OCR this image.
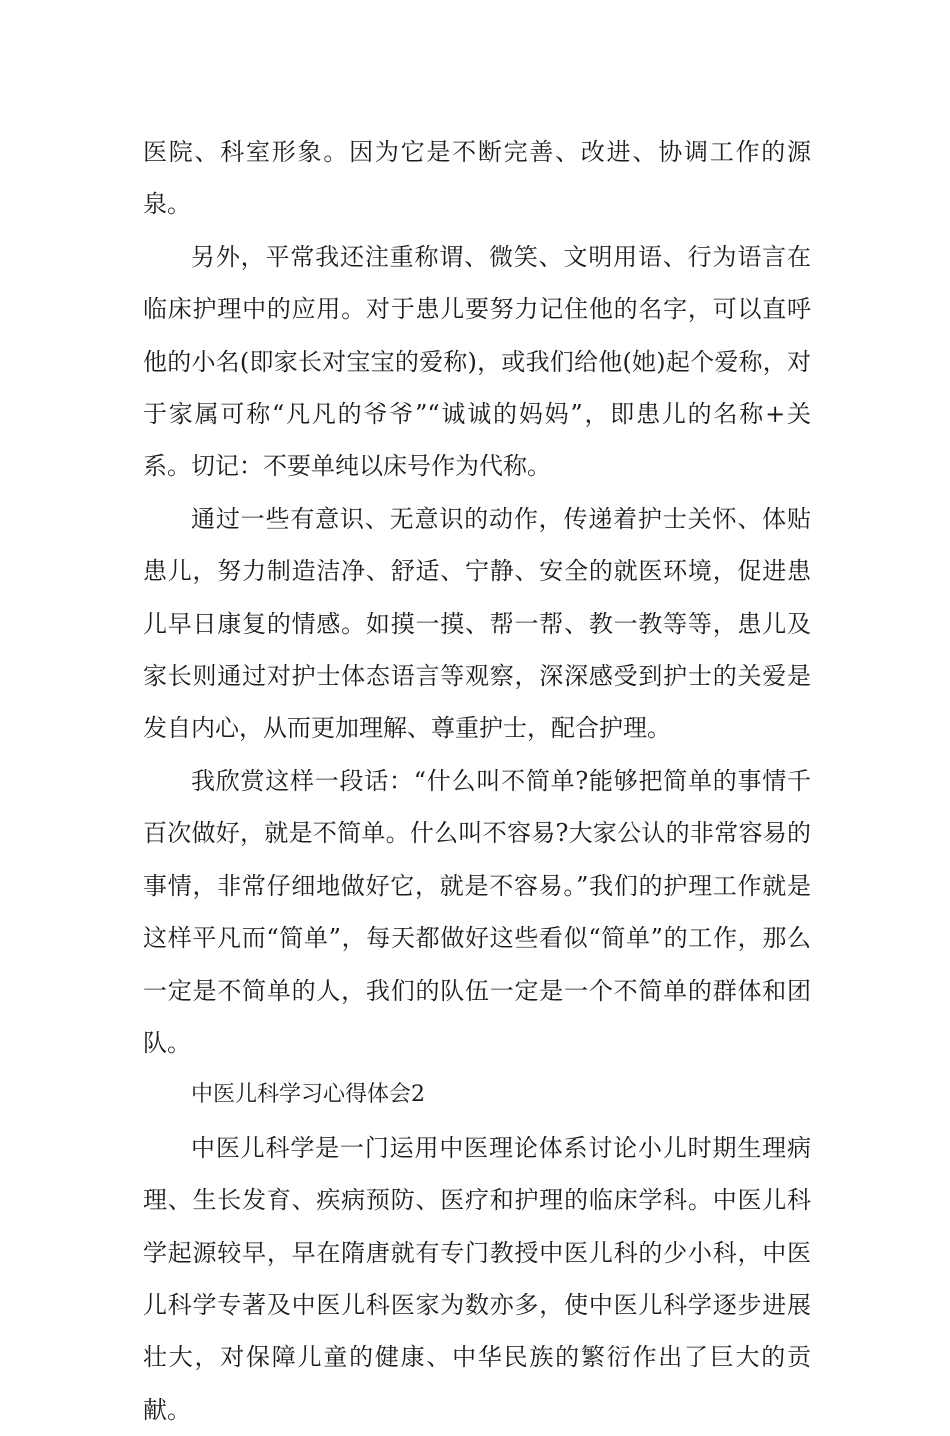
医院、科室形象。因为它是不断完善、改进、协调工作的源泉。

另外，平常我还注重称谓、微笑、文明用语、行为语言在临床护理中的应用。对于患儿要努力记住他的名字，可以直呼他的小名(即家长对宝宝的爱称)，或我们给他(她)起个爱称，对于家属可称“凡凡的爷爷”“诚诚的妈妈”，即患儿的名称+关系。切记：不要单纯以床号作为代称。

通过一些有意识、无意识的动作，传递着护士关怀、体贴患儿，努力制造洁净、舒适、宁静、安全的就医环境，促进患儿早日康复的情感。如摸一摸、帮一帮、教一教等等，患儿及家长则通过对护士体态语言等观察，深深感受到护士的关爱是发自内心，从而更加理解、尊重护士，配合护理。

我欣赏这样一段话：“什么叫不简单?能够把简单的事情千百次做好，就是不简单。什么叫不容易?大家公认的非常容易的事情，非常仔细地做好它，就是不容易。”我们的护理工作就是这样平凡而“简单”，每天都做好这些看似“简单”的工作，那么一定是不简单的人，我们的队伍一定是一个不简单的群体和团队。

中医儿科学习心得体会2

中医儿科学是一门运用中医理论体系讨论小儿时期生理病理、生长发育、疾病预防、医疗和护理的临床学科。中医儿科学起源较早，早在隋唐就有专门教授中医儿科的少小科，中医儿科学专著及中医儿科医家为数亦多，使中医儿科学逐步进展壮大，对保障儿童的健康、中华民族的繁衍作出了巨大的贡献。
